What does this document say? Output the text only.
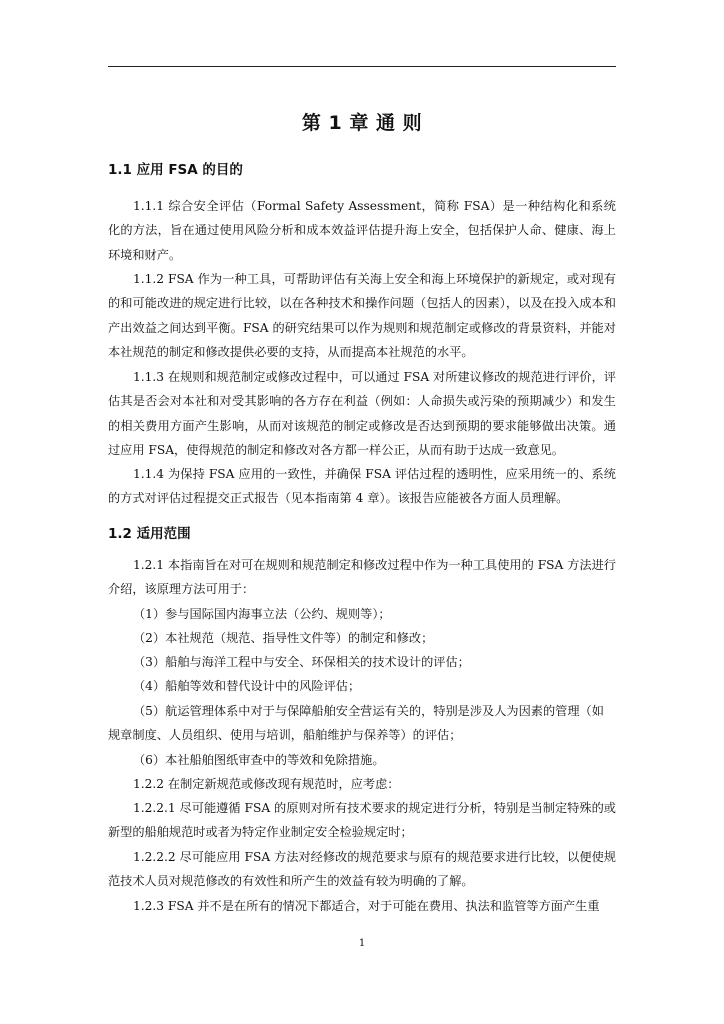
第 1 章 通 则
1.1 应用 FSA 的目的

1.1.1 综合安全评估（Formal Safety Assessment，简称 FSA）是一种结构化和系统化的方法，旨在通过使用风险分析和成本效益评估提升海上安全，包括保护人命、健康、海上环境和财产。

1.1.2 FSA 作为一种工具，可帮助评估有关海上安全和海上环境保护的新规定，或对现有的和可能改进的规定进行比较，以在各种技术和操作问题（包括人的因素），以及在投入成本和产出效益之间达到平衡。FSA 的研究结果可以作为规则和规范制定或修改的背景资料，并能对本社规范的制定和修改提供必要的支持，从而提高本社规范的水平。

1.1.3 在规则和规范制定或修改过程中，可以通过 FSA 对所建议修改的规范进行评价，评估其是否会对本社和对受其影响的各方存在利益（例如：人命损失或污染的预期减少）和发生的相关费用方面产生影响，从而对该规范的制定或修改是否达到预期的要求能够做出决策。通过应用 FSA，使得规范的制定和修改对各方都一样公正，从而有助于达成一致意见。

1.1.4 为保持 FSA 应用的一致性，并确保 FSA 评估过程的透明性，应采用统一的、系统的方式对评估过程提交正式报告（见本指南第 4 章）。该报告应能被各方面人员理解。

1.2 适用范围

1.2.1 本指南旨在对可在规则和规范制定和修改过程中作为一种工具使用的 FSA 方法进行介绍，该原理方法可用于：

（1）参与国际国内海事立法（公约、规则等）；

（2）本社规范（规范、指导性文件等）的制定和修改；

（3）船舶与海洋工程中与安全、环保相关的技术设计的评估；

（4）船舶等效和替代设计中的风险评估；

（5）航运管理体系中对于与保障船舶安全营运有关的，特别是涉及人为因素的管理（如规章制度、人员组织、使用与培训，船舶维护与保养等）的评估；

（6）本社船舶图纸审查中的等效和免除措施。

1.2.2 在制定新规范或修改现有规范时，应考虑：

1.2.2.1 尽可能遵循 FSA 的原则对所有技术要求的规定进行分析，特别是当制定特殊的或新型的船舶规范时或者为特定作业制定安全检验规定时；

1.2.2.2 尽可能应用 FSA 方法对经修改的规范要求与原有的规范要求进行比较，以便使规范技术人员对规范修改的有效性和所产生的效益有较为明确的了解。

1.2.3 FSA 并不是在所有的情况下都适合，对于可能在费用、执法和监管等方面产生重

1
